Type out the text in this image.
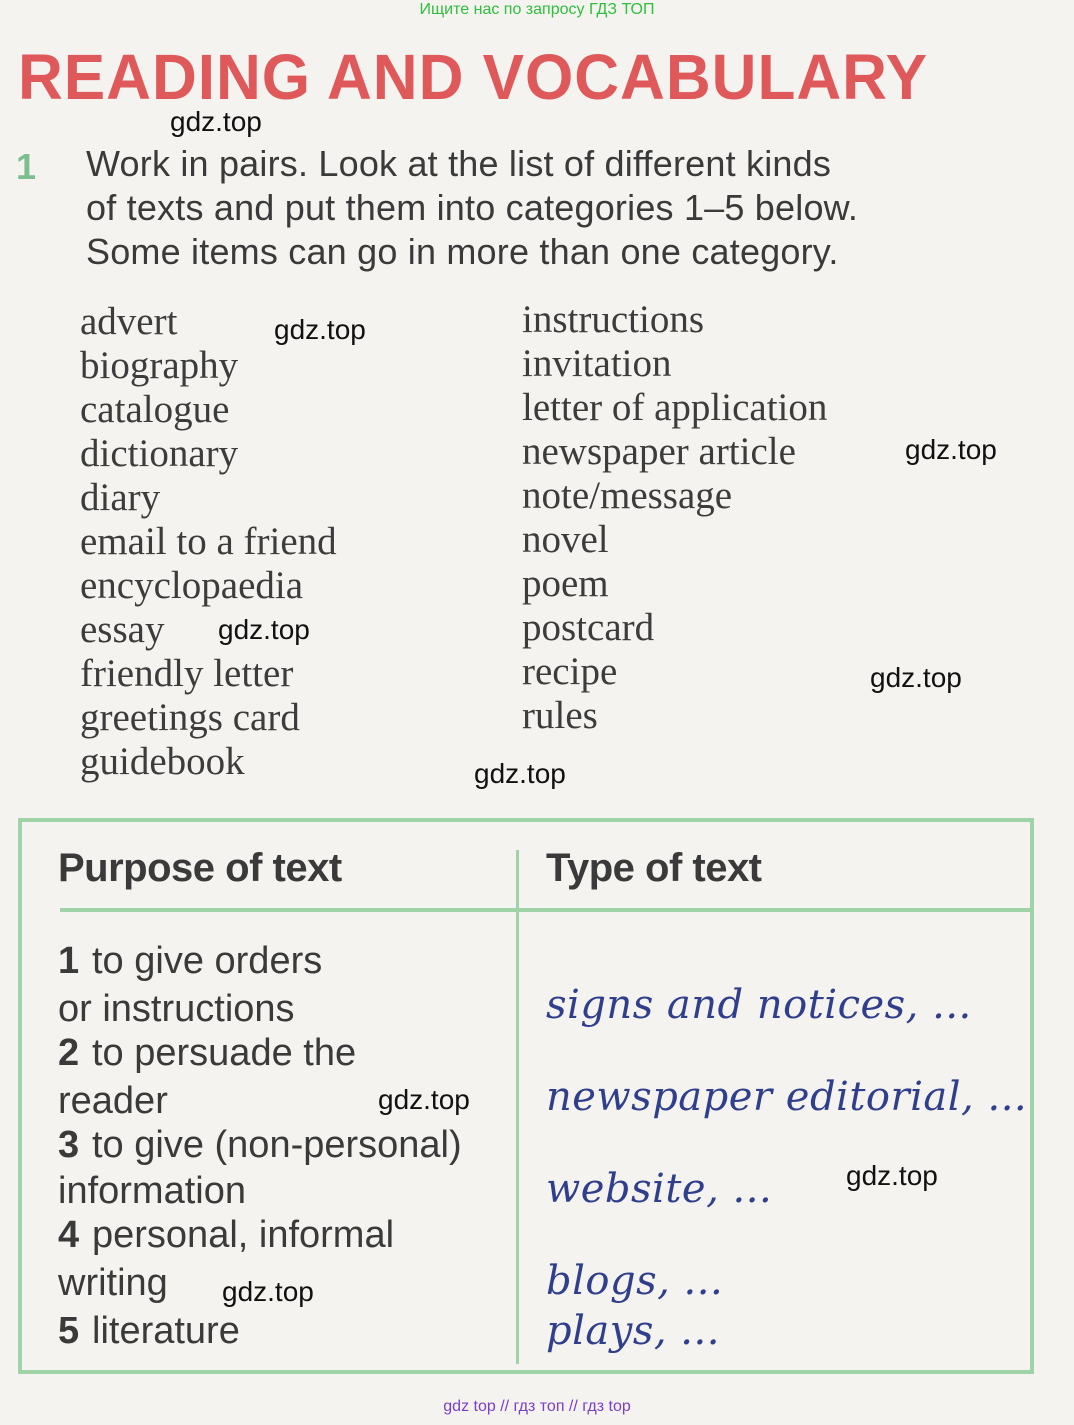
Ищите нас по запросу ГДЗ ТОП
READING AND VOCABULARY
gdz.top
gdz.top
gdz.top
gdz.top
gdz.top
gdz.top
1 Work in pairs. Look at the list of different kinds

of texts and put them into categories 1–5 below.

Some items can go in more than one category.

advert
biography
catalogue
dictionary
diary
email to a friend
encyclopaedia
essay
friendly letter
greetings card
guidebook
instructions
invitation
letter of application
newspaper article
note/message
novel
poem
postcard
recipe
rules
Purpose of text	Type of text
1 to give orders
or instructions
2 to persuade the
reader
3 to give (non-personal)
information
4 personal, informal
writing
5 literature
signs and notices, ...
newspaper editorial, ...
website, ...
blogs, ...
plays, ...
gdz.top
gdz.top
gdz.top
gdz top // гдз топ // гдз top
